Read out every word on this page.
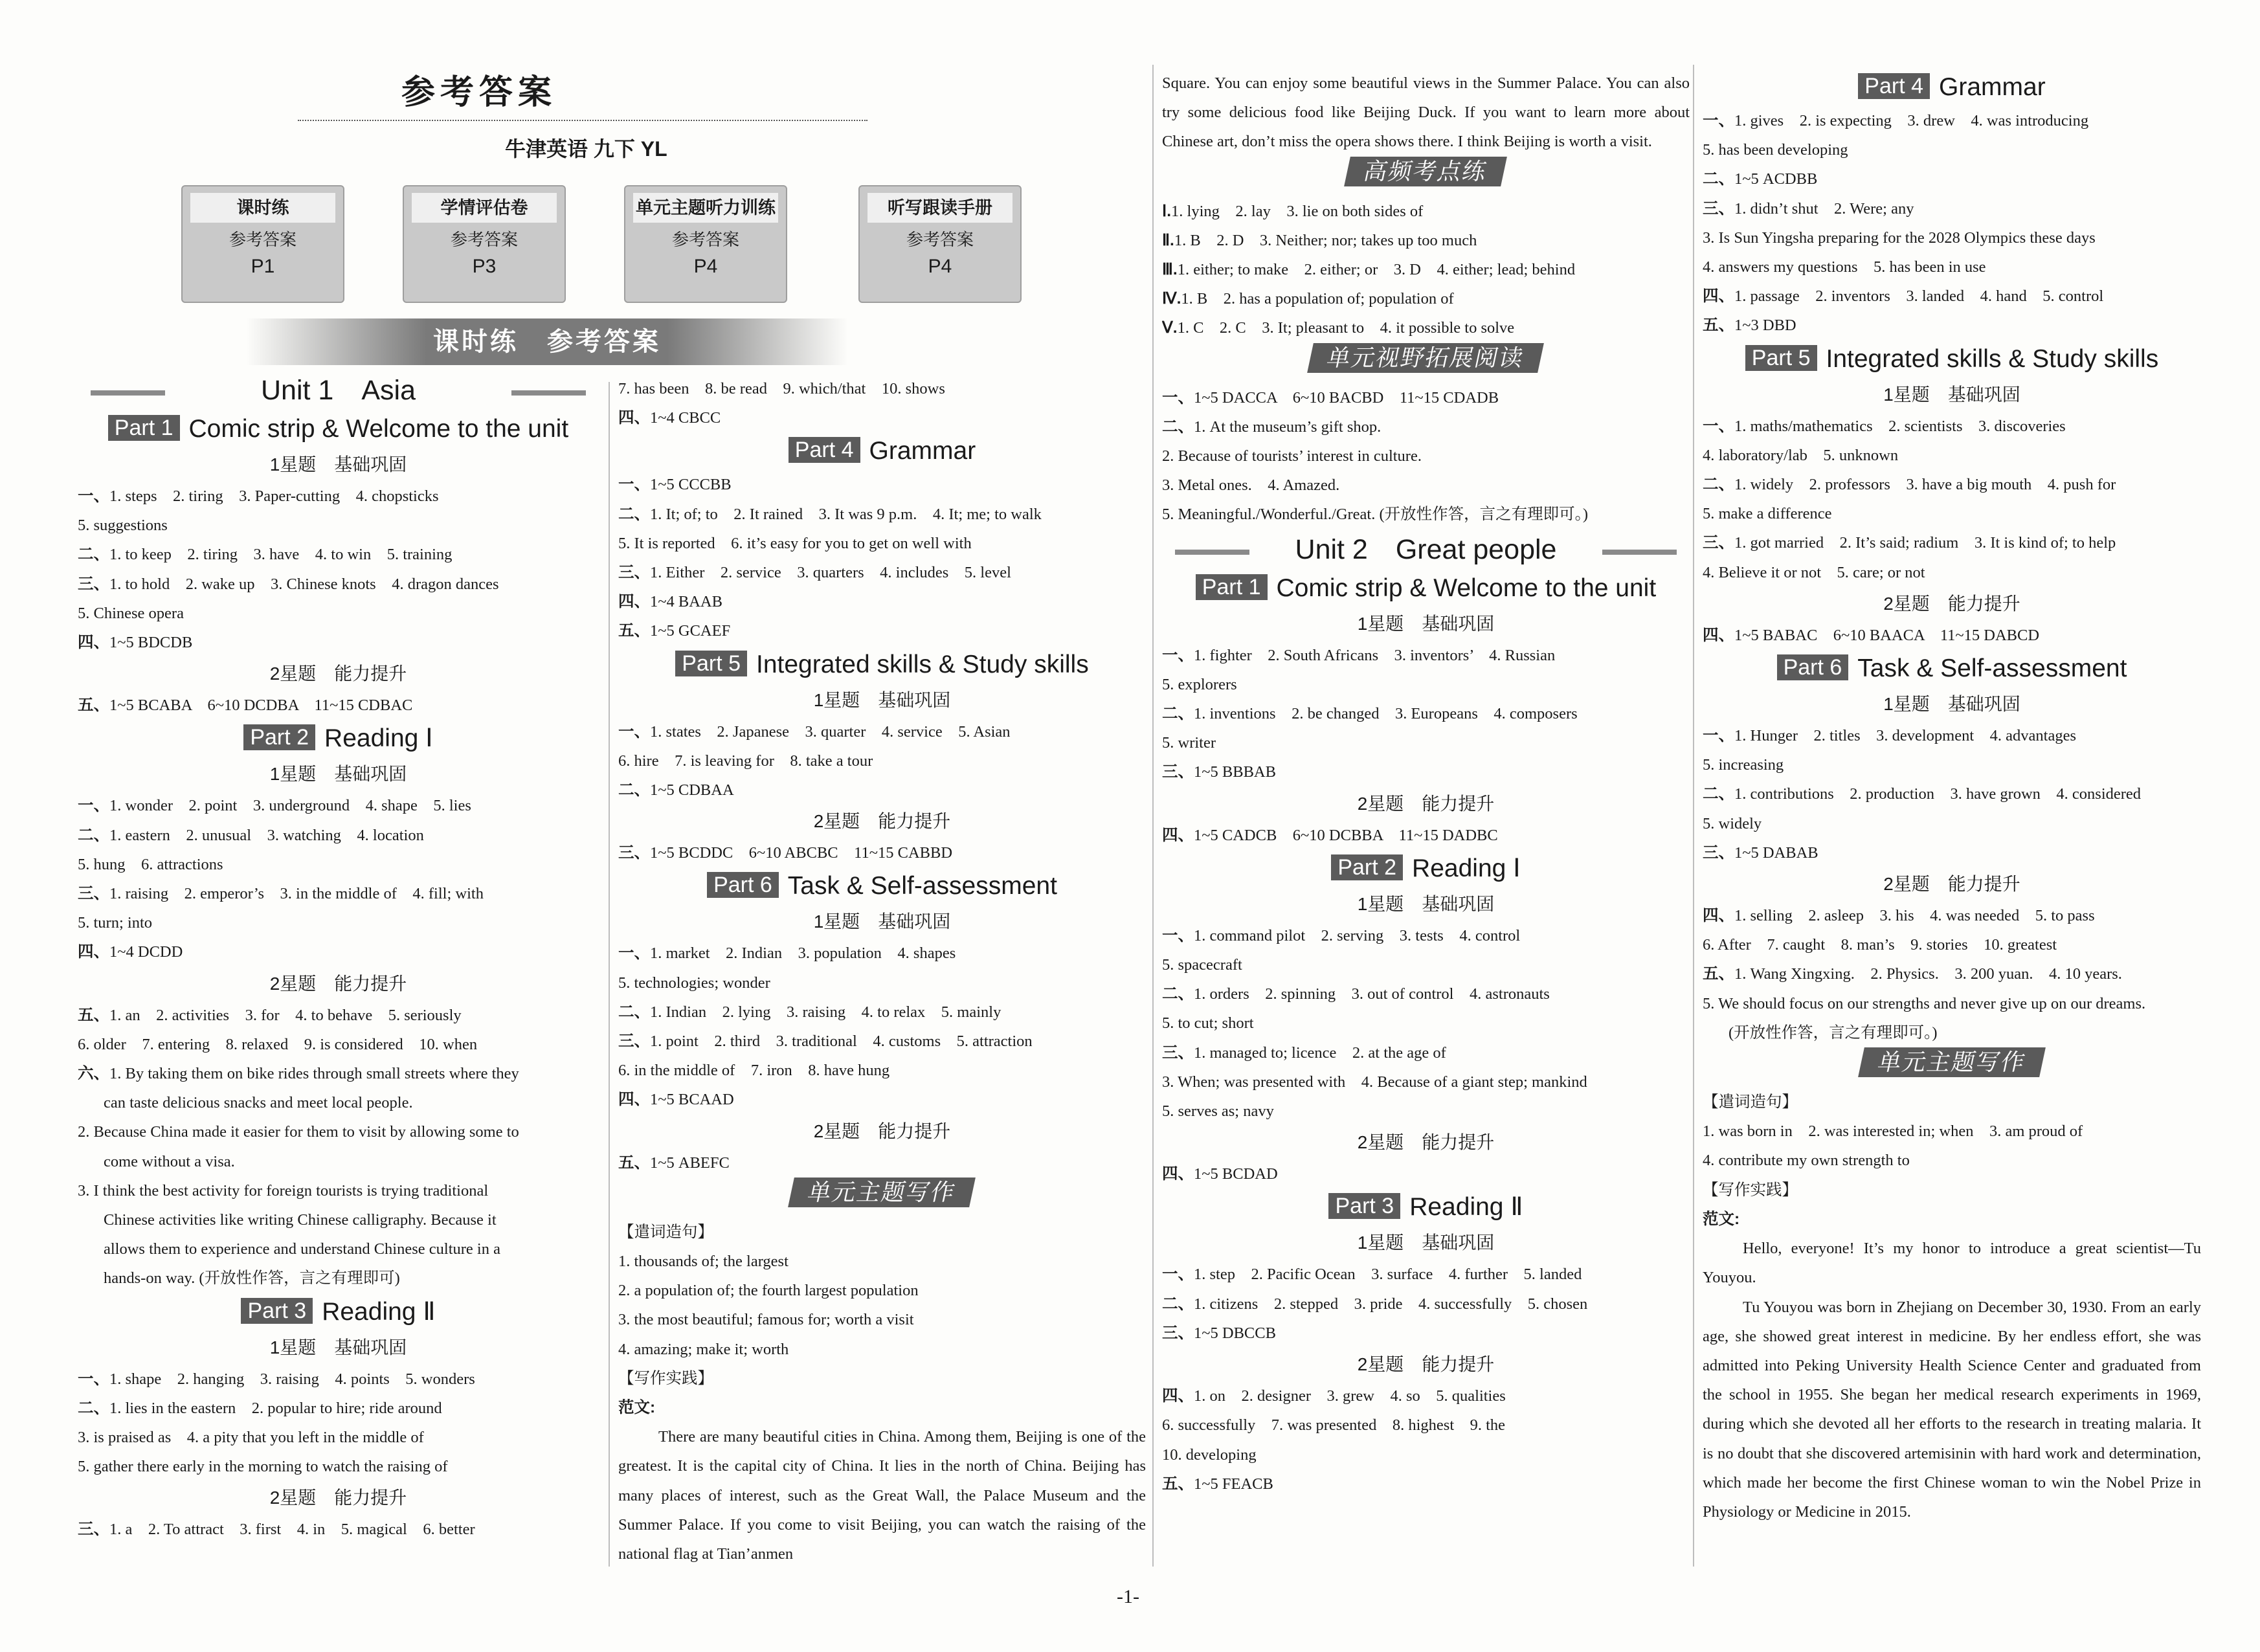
参考答案
牛津英语 九下 YL
课时练
参考答案
P1
学情评估卷
参考答案
P3
单元主题听力训练
参考答案
P4
听写跟读手册
参考答案
P4
课时练　参考答案
Unit 1　Asia
Part 1 Comic strip & Welcome to the unit
1星题　基础巩固
一、1. steps　2. tiring　3. Paper-cutting　4. chopsticks
5. suggestions
二、1. to keep　2. tiring　3. have　4. to win　5. training
三、1. to hold　2. wake up　3. Chinese knots　4. dragon dances
5. Chinese opera
四、1~5 BDCDB
2星题　能力提升
五、1~5 BCABA　6~10 DCDBA　11~15 CDBAC
Part 2 Reading Ⅰ
1星题　基础巩固
一、1. wonder　2. point　3. underground　4. shape　5. lies
二、1. eastern　2. unusual　3. watching　4. location
5. hung　6. attractions
三、1. raising　2. emperor’s　3. in the middle of　4. fill; with
5. turn; into
四、1~4 DCDD
2星题　能力提升
五、1. an　2. activities　3. for　4. to behave　5. seriously
6. older　7. entering　8. relaxed　9. is considered　10. when
六、1. By taking them on bike rides through small streets where they
can taste delicious snacks and meet local people.
2. Because China made it easier for them to visit by allowing some to
come without a visa.
3. I think the best activity for foreign tourists is trying traditional
Chinese activities like writing Chinese calligraphy. Because it
allows them to experience and understand Chinese culture in a
hands-on way. (开放性作答，言之有理即可)
Part 3 Reading Ⅱ
1星题　基础巩固
一、1. shape　2. hanging　3. raising　4. points　5. wonders
二、1. lies in the eastern　2. popular to hire; ride around
3. is praised as　4. a pity that you left in the middle of
5. gather there early in the morning to watch the raising of
2星题　能力提升
三、1. a　2. To attract　3. first　4. in　5. magical　6. better
7. has been　8. be read　9. which/that　10. shows
四、1~4 CBCC
Part 4 Grammar
一、1~5 CCCBB
二、1. It; of; to　2. It rained　3. It was 9 p.m.　4. It; me; to walk
5. It is reported　6. it’s easy for you to get on well with
三、1. Either　2. service　3. quarters　4. includes　5. level
四、1~4 BAAB
五、1~5 GCAEF
Part 5 Integrated skills & Study skills
1星题　基础巩固
一、1. states　2. Japanese　3. quarter　4. service　5. Asian
6. hire　7. is leaving for　8. take a tour
二、1~5 CDBAA
2星题　能力提升
三、1~5 BCDDC　6~10 ABCBC　11~15 CABBD
Part 6 Task & Self-assessment
1星题　基础巩固
一、1. market　2. Indian　3. population　4. shapes
5. technologies; wonder
二、1. Indian　2. lying　3. raising　4. to relax　5. mainly
三、1. point　2. third　3. traditional　4. customs　5. attraction
6. in the middle of　7. iron　8. have hung
四、1~5 BCAAD
2星题　能力提升
五、1~5 ABEFC
单元主题写作
【遣词造句】
1. thousands of; the largest
2. a population of; the fourth largest population
3. the most beautiful; famous for; worth a visit
4. amazing; make it; worth
【写作实践】
范文:
There are many beautiful cities in China. Among them, Beijing is one of the greatest. It is the capital city of China. It lies in the north of China. Beijing has many places of interest, such as the Great Wall, the Palace Museum and the Summer Palace. If you come to visit Beijing, you can watch the raising of the national flag at Tian’anmen
Square. You can enjoy some beautiful views in the Summer Palace. You can also try some delicious food like Beijing Duck. If you want to learn more about Chinese art, don’t miss the opera shows there. I think Beijing is worth a visit.
高频考点练
Ⅰ.1. lying　2. lay　3. lie on both sides of
Ⅱ.1. B　2. D　3. Neither; nor; takes up too much
Ⅲ.1. either; to make　2. either; or　3. D　4. either; lead; behind
Ⅳ.1. B　2. has a population of; population of
Ⅴ.1. C　2. C　3. It; pleasant to　4. it possible to solve
单元视野拓展阅读
一、1~5 DACCA　6~10 BACBD　11~15 CDADB
二、1. At the museum’s gift shop.
2. Because of tourists’ interest in culture.
3. Metal ones.　4. Amazed.
5. Meaningful./Wonderful./Great. (开放性作答，言之有理即可。)
Unit 2　Great people
Part 1 Comic strip & Welcome to the unit
1星题　基础巩固
一、1. fighter　2. South Africans　3. inventors’　4. Russian
5. explorers
二、1. inventions　2. be changed　3. Europeans　4. composers
5. writer
三、1~5 BBBAB
2星题　能力提升
四、1~5 CADCB　6~10 DCBBA　11~15 DADBC
Part 2 Reading Ⅰ
1星题　基础巩固
一、1. command pilot　2. serving　3. tests　4. control
5. spacecraft
二、1. orders　2. spinning　3. out of control　4. astronauts
5. to cut; short
三、1. managed to; licence　2. at the age of
3. When; was presented with　4. Because of a giant step; mankind
5. serves as; navy
2星题　能力提升
四、1~5 BCDAD
Part 3 Reading Ⅱ
1星题　基础巩固
一、1. step　2. Pacific Ocean　3. surface　4. further　5. landed
二、1. citizens　2. stepped　3. pride　4. successfully　5. chosen
三、1~5 DBCCB
2星题　能力提升
四、1. on　2. designer　3. grew　4. so　5. qualities
6. successfully　7. was presented　8. highest　9. the
10. developing
五、1~5 FEACB
Part 4 Grammar
一、1. gives　2. is expecting　3. drew　4. was introducing
5. has been developing
二、1~5 ACDBB
三、1. didn’t shut　2. Were; any
3. Is Sun Yingsha preparing for the 2028 Olympics these days
4. answers my questions　5. has been in use
四、1. passage　2. inventors　3. landed　4. hand　5. control
五、1~3 DBD
Part 5 Integrated skills & Study skills
1星题　基础巩固
一、1. maths/mathematics　2. scientists　3. discoveries
4. laboratory/lab　5. unknown
二、1. widely　2. professors　3. have a big mouth　4. push for
5. make a difference
三、1. got married　2. It’s said; radium　3. It is kind of; to help
4. Believe it or not　5. care; or not
2星题　能力提升
四、1~5 BABAC　6~10 BAACA　11~15 DABCD
Part 6 Task & Self-assessment
1星题　基础巩固
一、1. Hunger　2. titles　3. development　4. advantages
5. increasing
二、1. contributions　2. production　3. have grown　4. considered
5. widely
三、1~5 DABAB
2星题　能力提升
四、1. selling　2. asleep　3. his　4. was needed　5. to pass
6. After　7. caught　8. man’s　9. stories　10. greatest
五、1. Wang Xingxing.　2. Physics.　3. 200 yuan.　4. 10 years.
5. We should focus on our strengths and never give up on our dreams.
(开放性作答，言之有理即可。)
单元主题写作
【遣词造句】
1. was born in　2. was interested in; when　3. am proud of
4. contribute my own strength to
【写作实践】
范文:
Hello, everyone! It’s my honor to introduce a great scientist—Tu Youyou.
Tu Youyou was born in Zhejiang on December 30, 1930. From an early age, she showed great interest in medicine. By her endless effort, she was admitted into Peking University Health Science Center and graduated from the school in 1955. She began her medical research experiments in 1969, during which she devoted all her efforts to the research in treating malaria. It is no doubt that she discovered artemisinin with hard work and determination, which made her become the first Chinese woman to win the Nobel Prize in Physiology or Medicine in 2015.
-1-
